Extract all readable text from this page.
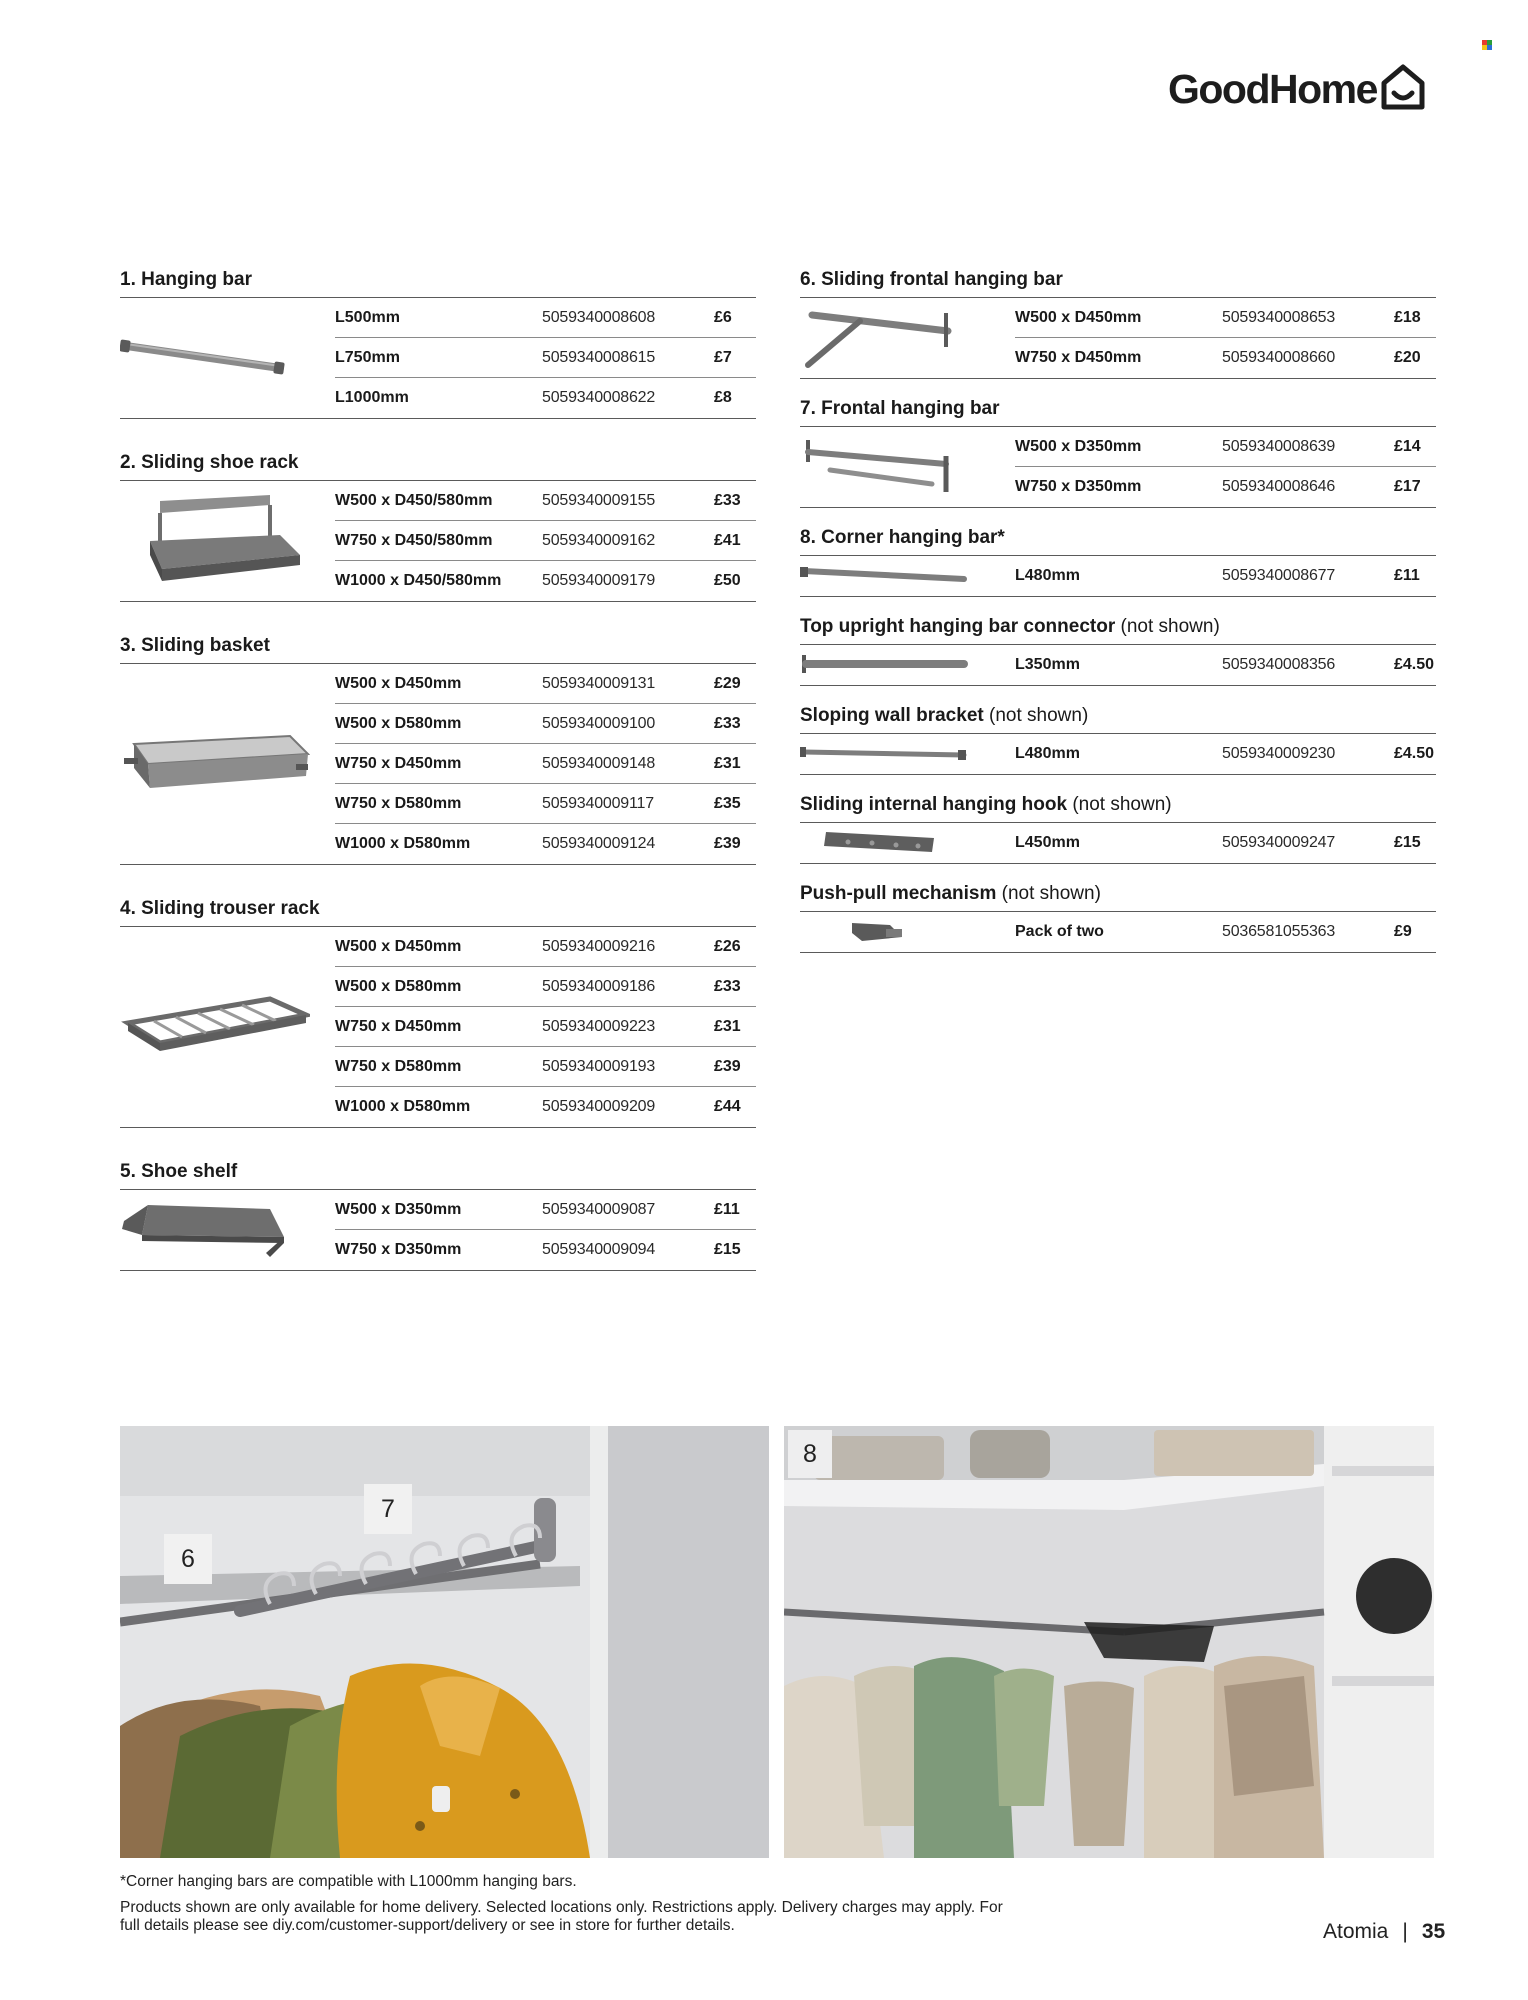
GoodHome
1. Hanging bar
L500mm	5059340008608	£6
L750mm	5059340008615	£7
L1000mm	5059340008622	£8
2. Sliding shoe rack
W500 x D450/580mm	5059340009155	£33
W750 x D450/580mm	5059340009162	£41
W1000 x D450/580mm	5059340009179	£50
3. Sliding basket
W500 x D450mm	5059340009131	£29
W500 x D580mm	5059340009100	£33
W750 x D450mm	5059340009148	£31
W750 x D580mm	5059340009117	£35
W1000 x D580mm	5059340009124	£39
4. Sliding trouser rack
W500 x D450mm	5059340009216	£26
W500 x D580mm	5059340009186	£33
W750 x D450mm	5059340009223	£31
W750 x D580mm	5059340009193	£39
W1000 x D580mm	5059340009209	£44
5. Shoe shelf
W500 x D350mm	5059340009087	£11
W750 x D350mm	5059340009094	£15
6. Sliding frontal hanging bar
W500 x D450mm	5059340008653	£18
W750 x D450mm	5059340008660	£20
7. Frontal hanging bar
W500 x D350mm	5059340008639	£14
W750 x D350mm	5059340008646	£17
8. Corner hanging bar*
L480mm	5059340008677	£11
Top upright hanging bar connector (not shown)
L350mm	5059340008356	£4.50
Sloping wall bracket (not shown)
L480mm	5059340009230	£4.50
Sliding internal hanging hook (not shown)
L450mm	5059340009247	£15
Push-pull mechanism (not shown)
Pack of two	5036581055363	£9
6
7
8

*Corner hanging bars are compatible with L1000mm hanging bars.

Products shown are only available for home delivery. Selected locations only. Restrictions apply. Delivery charges may apply. For full details please see diy.com/customer-support/delivery or see in store for further details.	Atomia | 35
